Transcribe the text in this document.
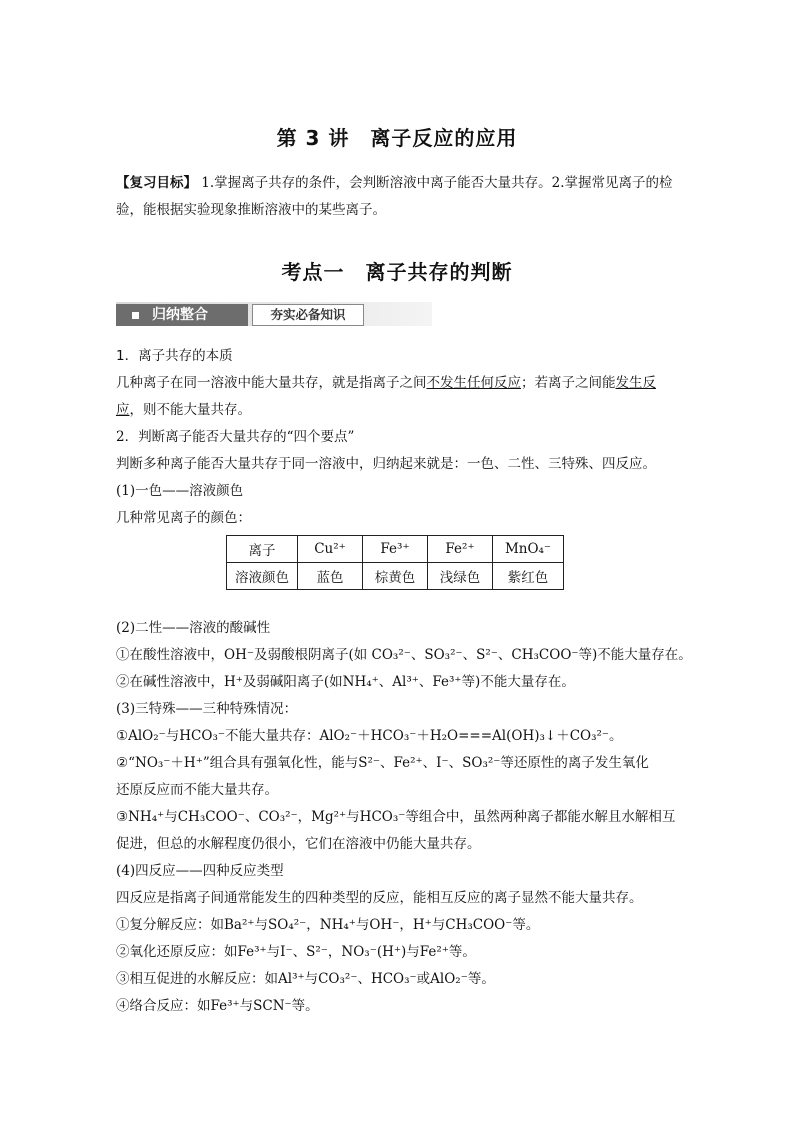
第 3 讲　离子反应的应用
【复习目标】 1.掌握离子共存的条件，会判断溶液中离子能否大量共存。2.掌握常见离子的检验，能根据实验现象推断溶液中的某些离子。
考点一　离子共存的判断
归纳整合	夯实必备知识
1．离子共存的本质
几种离子在同一溶液中能大量共存，就是指离子之间不发生任何反应；若离子之间能发生反
应，则不能大量共存。
2．判断离子能否大量共存的“四个要点”
判断多种离子能否大量共存于同一溶液中，归纳起来就是：一色、二性、三特殊、四反应。
(1)一色——溶液颜色
几种常见离子的颜色：
离子	Cu²⁺	Fe³⁺	Fe²⁺	MnO₄⁻
溶液颜色	蓝色	棕黄色	浅绿色	紫红色
(2)二性——溶液的酸碱性
①在酸性溶液中，OH⁻及弱酸根阴离子(如 CO₃²⁻、SO₃²⁻、S²⁻、CH₃COO⁻等)不能大量存在。
②在碱性溶液中，H⁺及弱碱阳离子(如NH₄⁺、Al³⁺、Fe³⁺等)不能大量存在。
(3)三特殊——三种特殊情况：
①AlO₂⁻与HCO₃⁻不能大量共存：AlO₂⁻＋HCO₃⁻＋H₂O===Al(OH)₃↓＋CO₃²⁻。
②“NO₃⁻＋H⁺”组合具有强氧化性，能与S²⁻、Fe²⁺、I⁻、SO₃²⁻等还原性的离子发生氧化
还原反应而不能大量共存。
③NH₄⁺与CH₃COO⁻、CO₃²⁻，Mg²⁺与HCO₃⁻等组合中，虽然两种离子都能水解且水解相互
促进，但总的水解程度仍很小，它们在溶液中仍能大量共存。
(4)四反应——四种反应类型
四反应是指离子间通常能发生的四种类型的反应，能相互反应的离子显然不能大量共存。
①复分解反应：如Ba²⁺与SO₄²⁻，NH₄⁺与OH⁻，H⁺与CH₃COO⁻等。
②氧化还原反应：如Fe³⁺与I⁻、S²⁻，NO₃⁻(H⁺)与Fe²⁺等。
③相互促进的水解反应：如Al³⁺与CO₃²⁻、HCO₃⁻或AlO₂⁻等。
④络合反应：如Fe³⁺与SCN⁻等。
